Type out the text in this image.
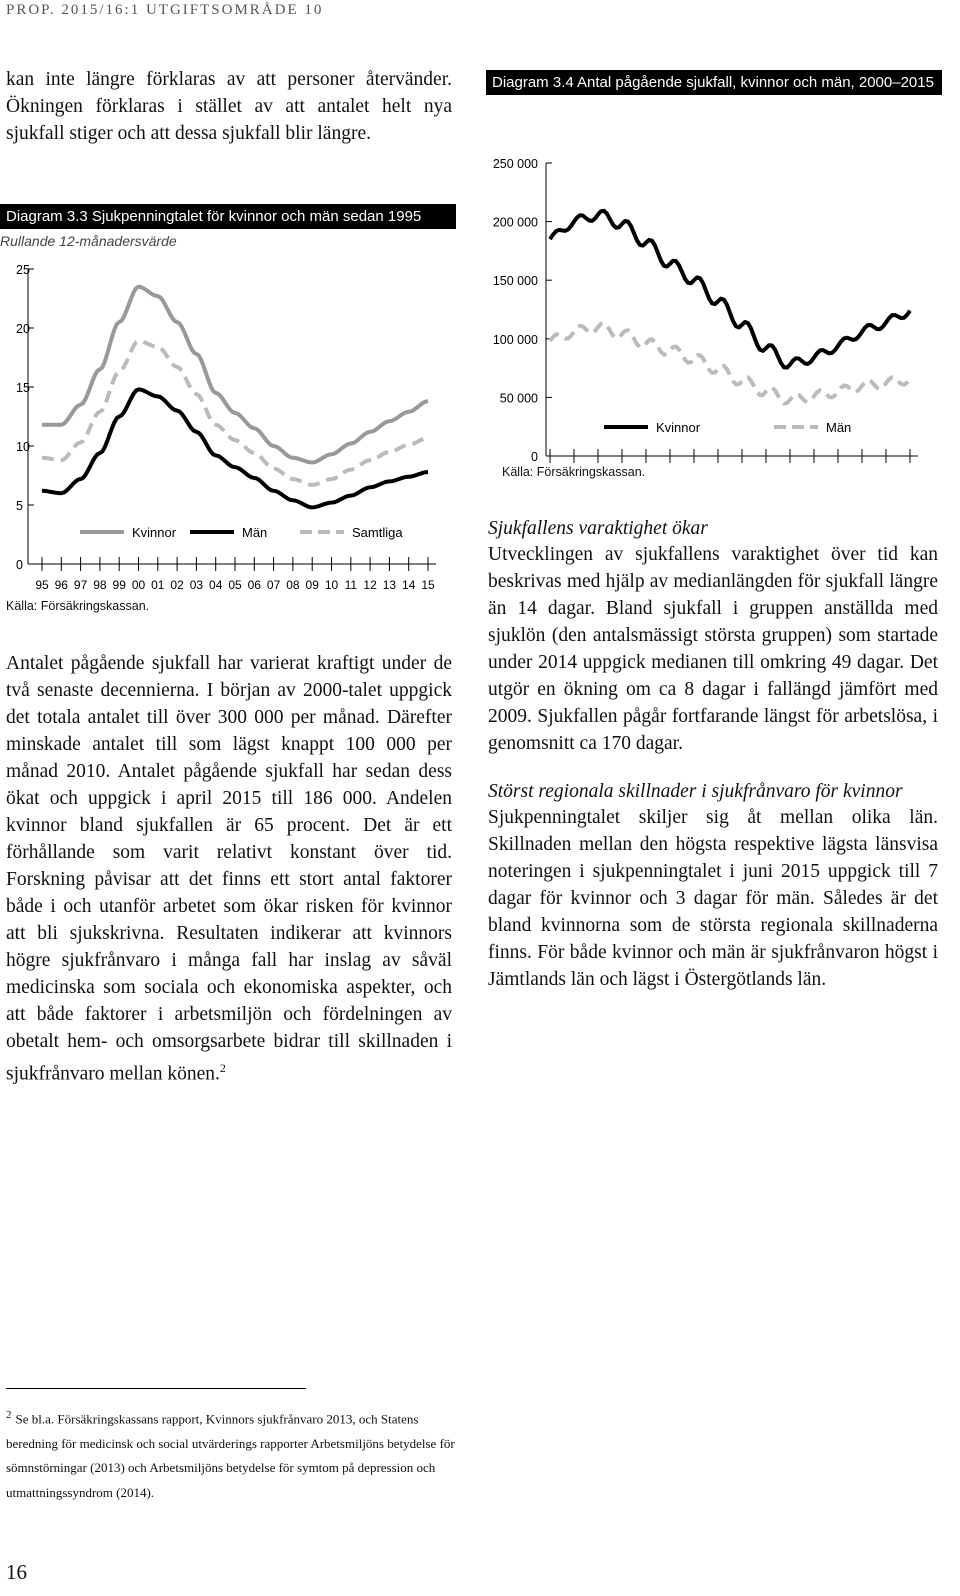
PROP. 2015/16:1 UTGIFTSOMRÅDE 10

kan inte längre förklaras av att personer återvänder. Ökningen förklaras i stället av att antalet helt nya sjukfall stiger och att dessa sjukfall blir längre.

Diagram 3.3 Sjukpenningtalet för kvinnor och män sedan 1995
Rullande 12-månadersvärde
0
5
10
15
20
25
95 96 97 98 99 00 01 02 03 04 05 06 07 08 09 10 11 12 13 14 15
Kvinnor	Män	Samtliga
Källa: Försäkringskassan.

Antalet pågående sjukfall har varierat kraftigt under de två senaste decennierna. I början av 2000-talet uppgick det totala antalet till över 300 000 per månad. Därefter minskade antalet till som lägst knappt 100 000 per månad 2010. Antalet pågående sjukfall har sedan dess ökat och uppgick i april 2015 till 186 000. Andelen kvinnor bland sjukfallen är 65 procent. Det är ett förhållande som varit relativt konstant över tid. Forskning påvisar att det finns ett stort antal faktorer både i och utanför arbetet som ökar risken för kvinnor att bli sjukskrivna. Resultaten indikerar att kvinnors högre sjukfrånvaro i många fall har inslag av såväl medicinska som sociala och ekonomiska aspekter, och att både faktorer i arbetsmiljön och fördelningen av obetalt hem- och omsorgsarbete bidrar till skillnaden i sjukfrånvaro mellan könen.$^2$

Diagram 3.4 Antal pågående sjukfall, kvinnor och män, 2000–2015
0
50 000
100 000
150 000
200 000
250 000
Kvinnor	Män
Källa: Försäkringskassan.
Sjukfallens varaktighet ökar
Utvecklingen av sjukfallens varaktighet över tid kan beskrivas med hjälp av medianlängden för sjukfall längre än 14 dagar. Bland sjukfall i gruppen anställda med sjuklön (den antalsmässigt största gruppen) som startade under 2014 uppgick medianen till omkring 49 dagar. Det utgör en ökning om ca 8 dagar i fallängd jämfört med 2009. Sjukfallen pågår fortfarande längst för arbetslösa, i genomsnitt ca 170 dagar.
Störst regionala skillnader i sjukfrånvaro för kvinnor
Sjukpenningtalet skiljer sig åt mellan olika län. Skillnaden mellan den högsta respektive lägsta länsvisa noteringen i sjukpenningtalet i juni 2015 uppgick till 7 dagar för kvinnor och 3 dagar för män. Således är det bland kvinnorna som de största regionala skillnaderna finns. För både kvinnor och män är sjukfrånvaron högst i Jämtlands län och lägst i Östergötlands län.
$^2$ Se bl.a. Försäkringskassans rapport, Kvinnors sjukfrånvaro 2013, och Statens beredning för medicinsk och social utvärderings rapporter Arbetsmiljöns betydelse för sömnstörningar (2013) och Arbetsmiljöns betydelse för symtom på depression och utmattningssyndrom (2014).
16
